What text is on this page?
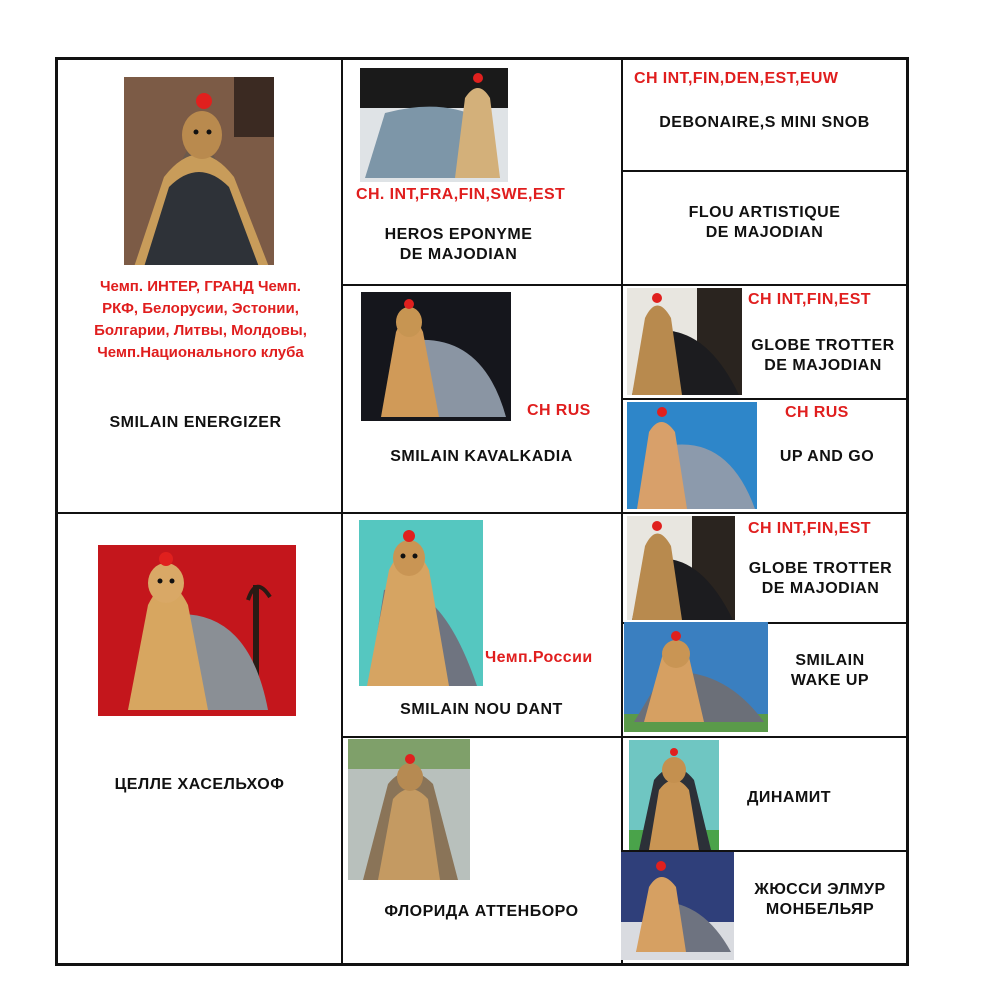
Чемп. ИНТЕР, ГРАНД Чемп.
РКФ, Белорусии, Эстонии,
Болгарии, Литвы, Молдовы,
Чемп.Национального клуба
SMILAIN ENERGIZER
ЦЕЛЛЕ ХАСЕЛЬХОФ
CH. INT,FRA,FIN,SWE,EST
HEROS EPONYME
DE MAJODIAN
CH RUS
SMILAIN KAVALKADIA
Чемп.России
SMILAIN NOU DANT
ФЛОРИДА АТТЕНБОРО
CH INT,FIN,DEN,EST,EUW
DEBONAIRE,S MINI SNOB
FLOU ARTISTIQUE
DE MAJODIAN
CH INT,FIN,EST
GLOBE TROTTER
DE MAJODIAN
CH RUS
UP AND GO
CH INT,FIN,EST
GLOBE TROTTER
DE MAJODIAN
SMILAIN
WAKE UP
ДИНАМИТ
ЖЮССИ ЭЛМУР
МОНБЕЛЬЯР
